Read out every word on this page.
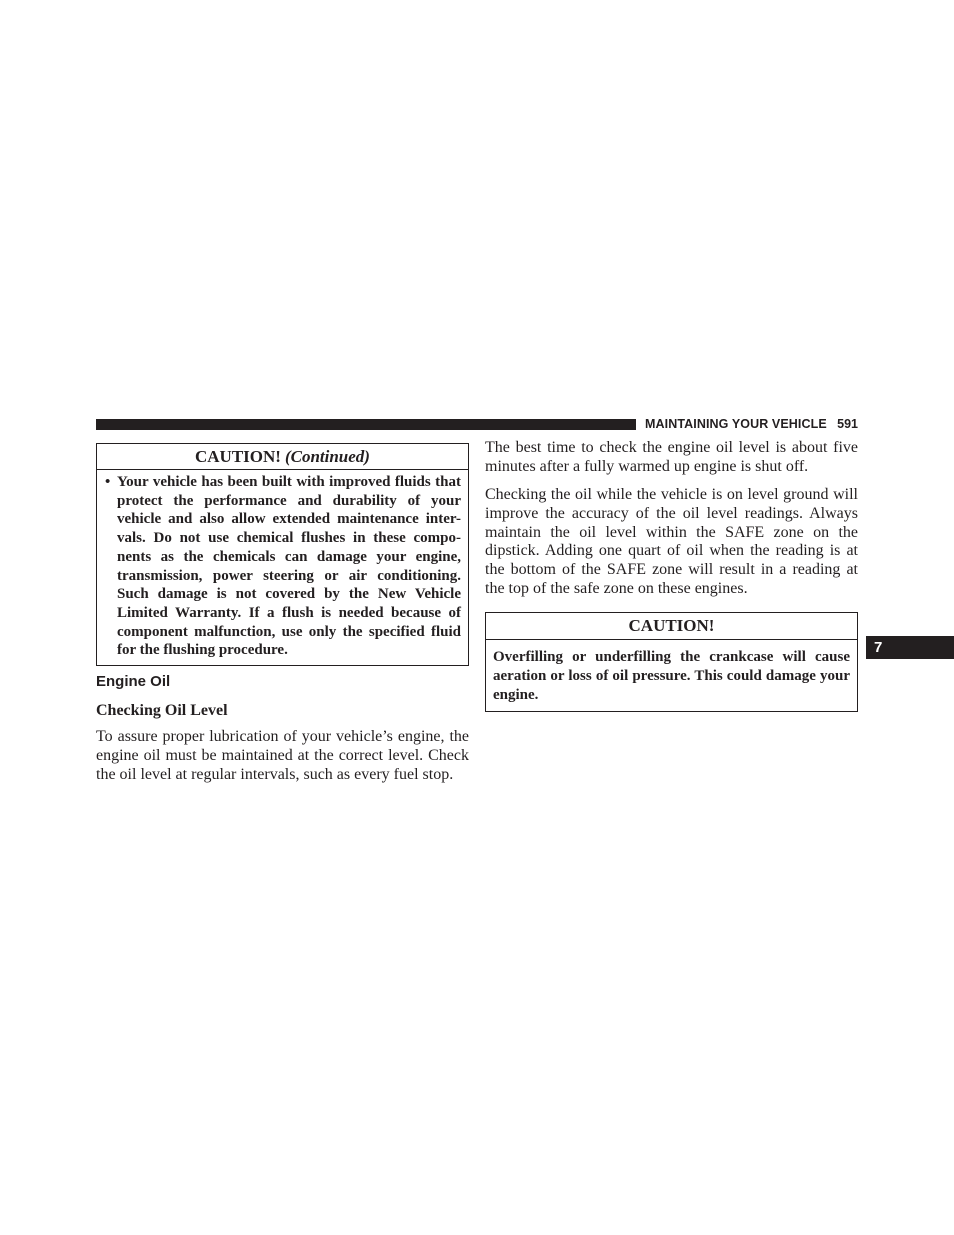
MAINTAINING YOUR VEHICLE 591
7
CAUTION! (Continued)
• Your vehicle has been built with improved fluids that protect the performance and durability of your vehicle and also allow extended maintenance inter-vals. Do not use chemical flushes in these compo-nents as the chemicals can damage your engine, transmission, power steering or air conditioning. Such damage is not covered by the New Vehicle Limited Warranty. If a flush is needed because of component malfunction, use only the specified fluid for the flushing procedure.
Engine Oil
Checking Oil Level

To assure proper lubrication of your vehicle’s engine, the engine oil must be maintained at the correct level. Check the oil level at regular intervals, such as every fuel stop.

The best time to check the engine oil level is about five minutes after a fully warmed up engine is shut off.

Checking the oil while the vehicle is on level ground will improve the accuracy of the oil level readings. Always maintain the oil level within the SAFE zone on the dipstick. Adding one quart of oil when the reading is at the bottom of the SAFE zone will result in a reading at the top of the safe zone on these engines.

CAUTION!
Overfilling or underfilling the crankcase will cause aeration or loss of oil pressure. This could damage your engine.
